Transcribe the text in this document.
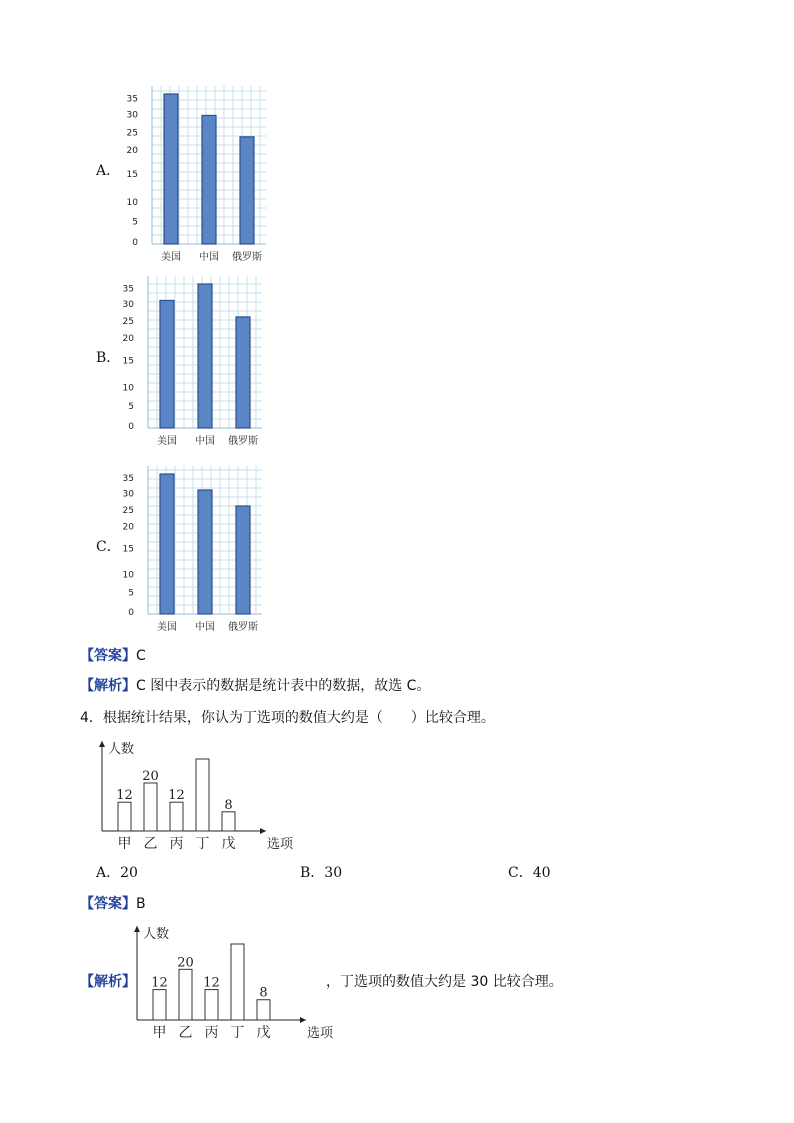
A．
B．
C．
35
30
25
20
15
10
5
0
美国 中国 俄罗斯
35
30
25
20
15
10
5
0
美国 中国 俄罗斯
35
30
25
20
15
10
5
0
美国 中国 俄罗斯
【答案】C
【解析】C 图中表示的数据是统计表中的数据，故选 C。
4．根据统计结果，你认为丁选项的数值大约是（　　）比较合理。
人数
选项
12
甲
20
乙
12
丙 丁
8
戊
A．20	B．30	C．40
【答案】B
【解析】
人数
选项
12
甲
20
乙
12
丙 丁
8
戊
，丁选项的数值大约是 30 比较合理。
